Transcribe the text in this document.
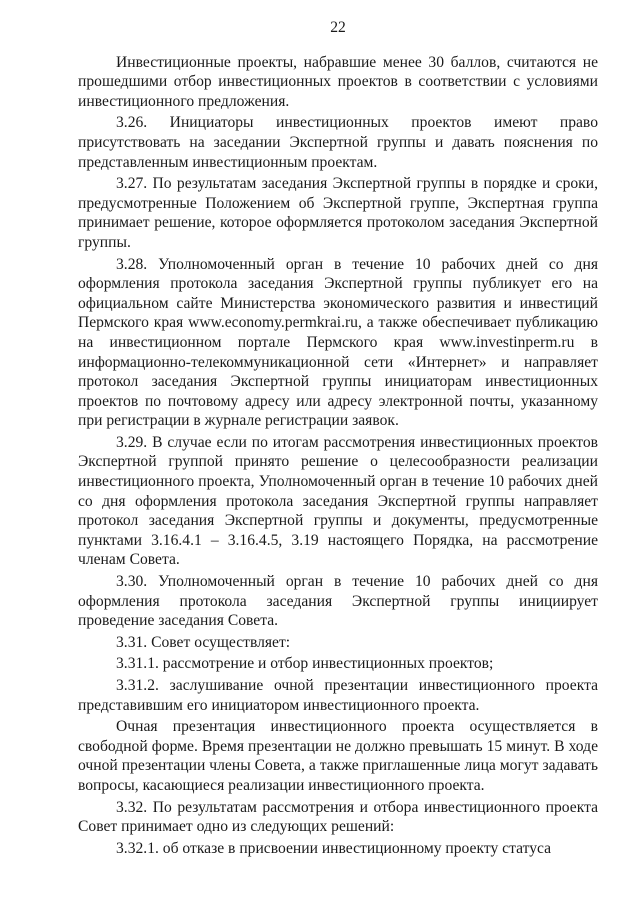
22

Инвестиционные проекты, набравшие менее 30 баллов, считаются не прошедшими отбор инвестиционных проектов в соответствии с условиями инвестиционного предложения.

3.26. Инициаторы инвестиционных проектов имеют право присутствовать на заседании Экспертной группы и давать пояснения по представленным инвестиционным проектам.

3.27. По результатам заседания Экспертной группы в порядке и сроки, предусмотренные Положением об Экспертной группе, Экспертная группа принимает решение, которое оформляется протоколом заседания Экспертной группы.

3.28. Уполномоченный орган в течение 10 рабочих дней со дня оформления протокола заседания Экспертной группы публикует его на официальном сайте Министерства экономического развития и инвестиций Пермского края www.economy.permkrai.ru, а также обеспечивает публикацию на инвестиционном портале Пермского края www.investinperm.ru в информационно-телекоммуникационной сети «Интернет» и направляет протокол заседания Экспертной группы инициаторам инвестиционных проектов по почтовому адресу или адресу электронной почты, указанному при регистрации в журнале регистрации заявок.

3.29. В случае если по итогам рассмотрения инвестиционных проектов Экспертной группой принято решение о целесообразности реализации инвестиционного проекта, Уполномоченный орган в течение 10 рабочих дней со дня оформления протокола заседания Экспертной группы направляет протокол заседания Экспертной группы и документы, предусмотренные пунктами 3.16.4.1 – 3.16.4.5, 3.19 настоящего Порядка, на рассмотрение членам Совета.

3.30. Уполномоченный орган в течение 10 рабочих дней со дня оформления протокола заседания Экспертной группы инициирует проведение заседания Совета.

3.31. Совет осуществляет:

3.31.1. рассмотрение и отбор инвестиционных проектов;

3.31.2. заслушивание очной презентации инвестиционного проекта представившим его инициатором инвестиционного проекта.

Очная презентация инвестиционного проекта осуществляется в свободной форме. Время презентации не должно превышать 15 минут. В ходе очной презентации члены Совета, а также приглашенные лица могут задавать вопросы, касающиеся реализации инвестиционного проекта.

3.32. По результатам рассмотрения и отбора инвестиционного проекта Совет принимает одно из следующих решений:

3.32.1. об отказе в присвоении инвестиционному проекту статуса
